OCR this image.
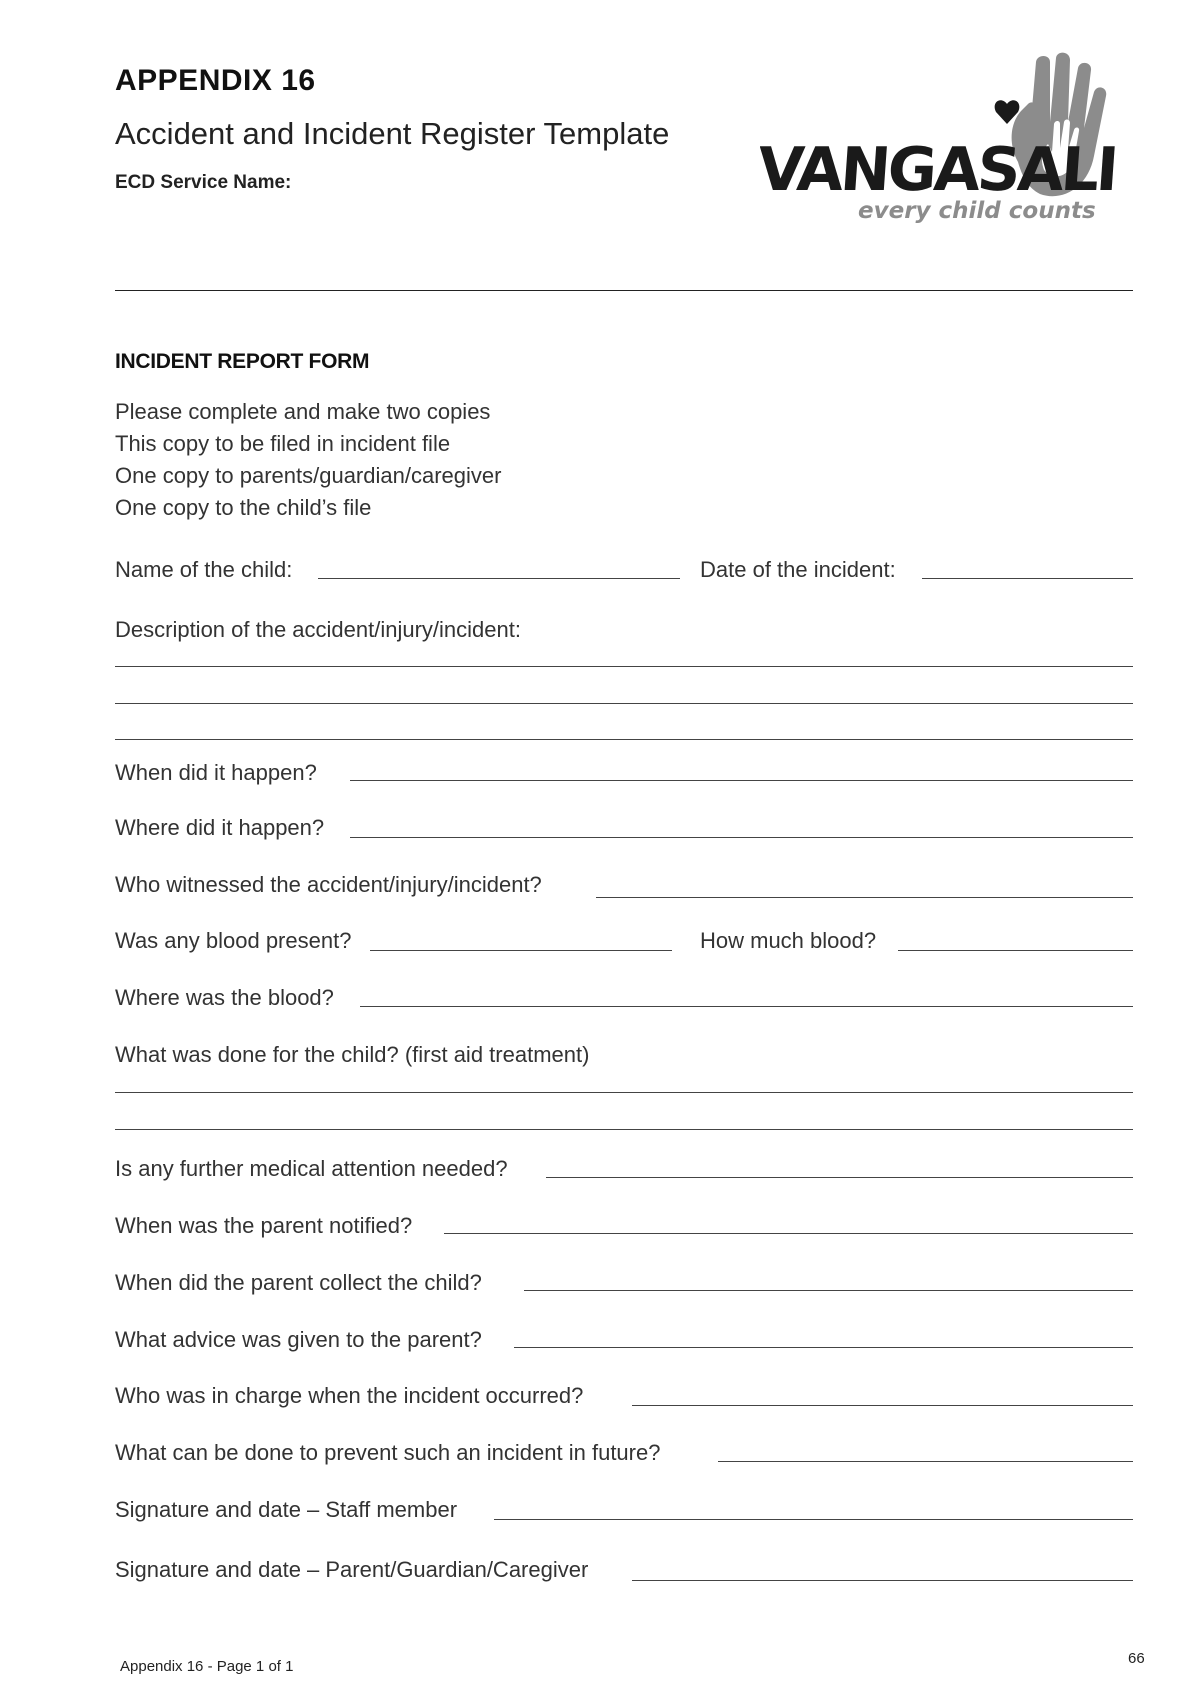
APPENDIX 16
Accident and Incident Register Template
ECD Service Name:	VANGASALI
every child counts
INCIDENT REPORT FORM
Please complete and make two copies
This copy to be filed in incident file
One copy to parents/guardian/caregiver
One copy to the child’s file
Name of the child:	Date of the incident:
Description of the accident/injury/incident:
When did it happen?
Where did it happen?
Who witnessed the accident/injury/incident?
Was any blood present?	How much blood?
Where was the blood?
What was done for the child? (first aid treatment)
Is any further medical attention needed?
When was the parent notified?
When did the parent collect the child?
What advice was given to the parent?
Who was in charge when the incident occurred?
What can be done to prevent such an incident in future?
Signature and date – Staff member
Signature and date – Parent/Guardian/Caregiver
Appendix 16 - Page 1 of 1	66
